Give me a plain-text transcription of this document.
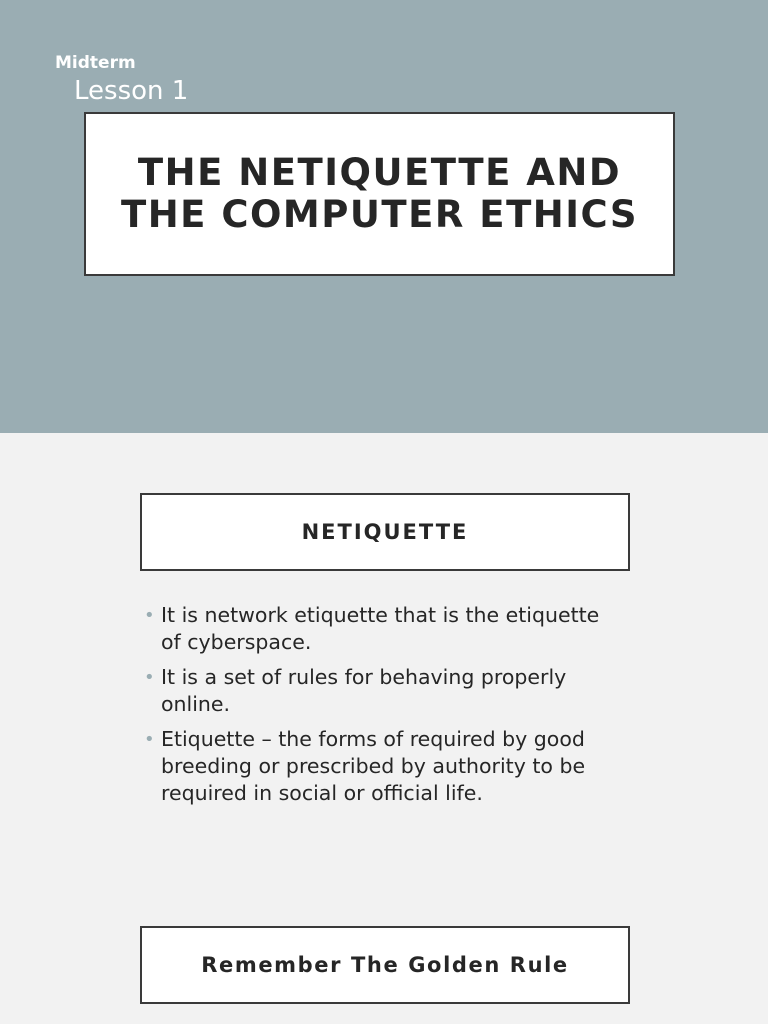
Midterm
Lesson 1
THE NETIQUETTE AND
THE COMPUTER ETHICS
NETIQUETTE
• It is network etiquette that is the etiquette of cyberspace.
• It is a set of rules for behaving properly online.
• Etiquette – the forms of required by good breeding or prescribed by authority to be required in social or official life.
Remember The Golden Rule
